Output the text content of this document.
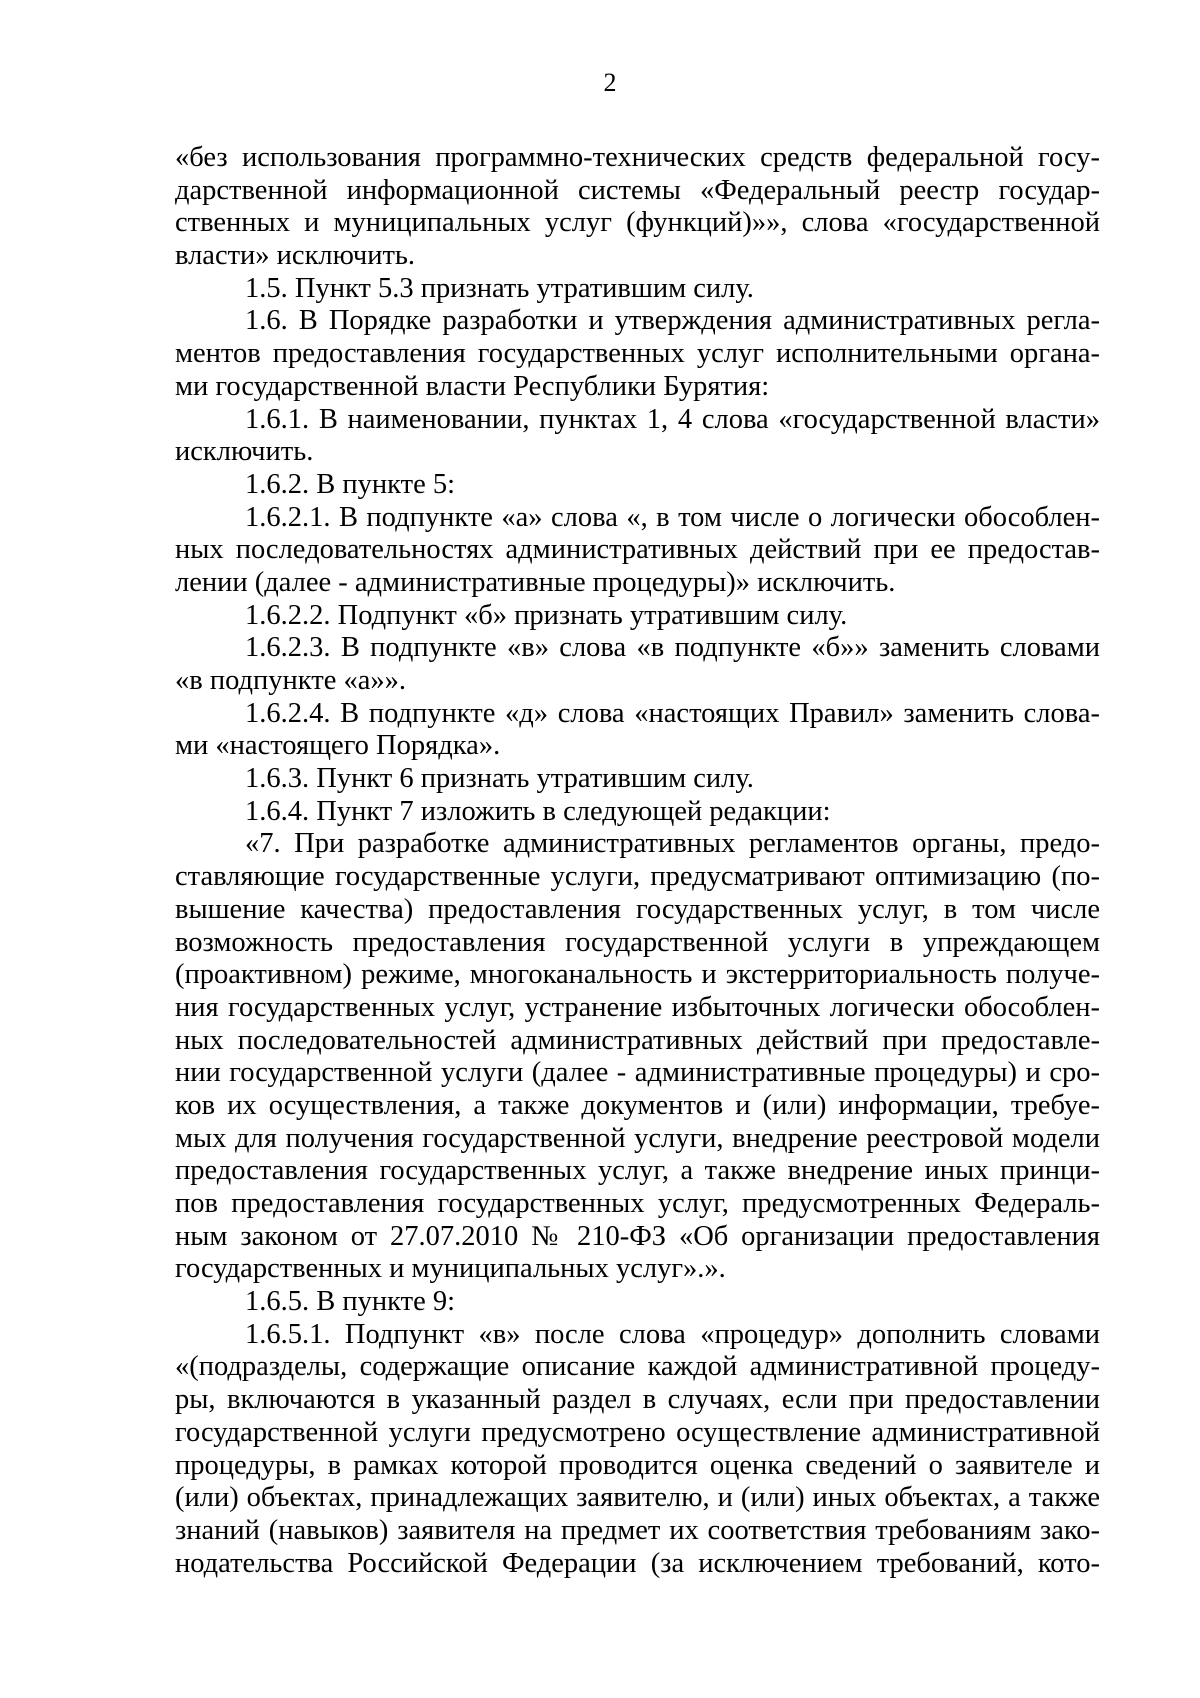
2
«без использования программно-технических средств федеральной госу-
дарственной информационной системы «Федеральный реестр государ-
ственных и муниципальных услуг (функций)»», слова «государственной
власти» исключить.
1.5. Пункт 5.3 признать утратившим силу.
1.6. В Порядке разработки и утверждения административных регла-
ментов предоставления государственных услуг исполнительными органа-
ми государственной власти Республики Бурятия:
1.6.1. В наименовании, пунктах 1, 4 слова «государственной власти»
исключить.
1.6.2. В пункте 5:
1.6.2.1. В подпункте «а» слова «, в том числе о логически обособлен-
ных последовательностях административных действий при ее предостав-
лении (далее - административные процедуры)» исключить.
1.6.2.2. Подпункт «б» признать утратившим силу.
1.6.2.3. В подпункте «в» слова «в подпункте «б»» заменить словами
«в подпункте «а»».
1.6.2.4. В подпункте «д» слова «настоящих Правил» заменить слова-
ми «настоящего Порядка».
1.6.3. Пункт 6 признать утратившим силу.
1.6.4. Пункт 7 изложить в следующей редакции:
«7. При разработке административных регламентов органы, предо-
ставляющие государственные услуги, предусматривают оптимизацию (по-
вышение качества) предоставления государственных услуг, в том числе
возможность предоставления государственной услуги в упреждающем
(проактивном) режиме, многоканальность и экстерриториальность получе-
ния государственных услуг, устранение избыточных логически обособлен-
ных последовательностей административных действий при предоставле-
нии государственной услуги (далее - административные процедуры) и сро-
ков их осуществления, а также документов и (или) информации, требуе-
мых для получения государственной услуги, внедрение реестровой модели
предоставления государственных услуг, а также внедрение иных принци-
пов предоставления государственных услуг, предусмотренных Федераль-
ным законом от 27.07.2010 № 210-ФЗ «Об организации предоставления
государственных и муниципальных услуг».».
1.6.5. В пункте 9:
1.6.5.1. Подпункт «в» после слова «процедур» дополнить словами
«(подразделы, содержащие описание каждой административной процеду-
ры, включаются в указанный раздел в случаях, если при предоставлении
государственной услуги предусмотрено осуществление административной
процедуры, в рамках которой проводится оценка сведений о заявителе и
(или) объектах, принадлежащих заявителю, и (или) иных объектах, а также
знаний (навыков) заявителя на предмет их соответствия требованиям зако-
нодательства Российской Федерации (за исключением требований, кото-
